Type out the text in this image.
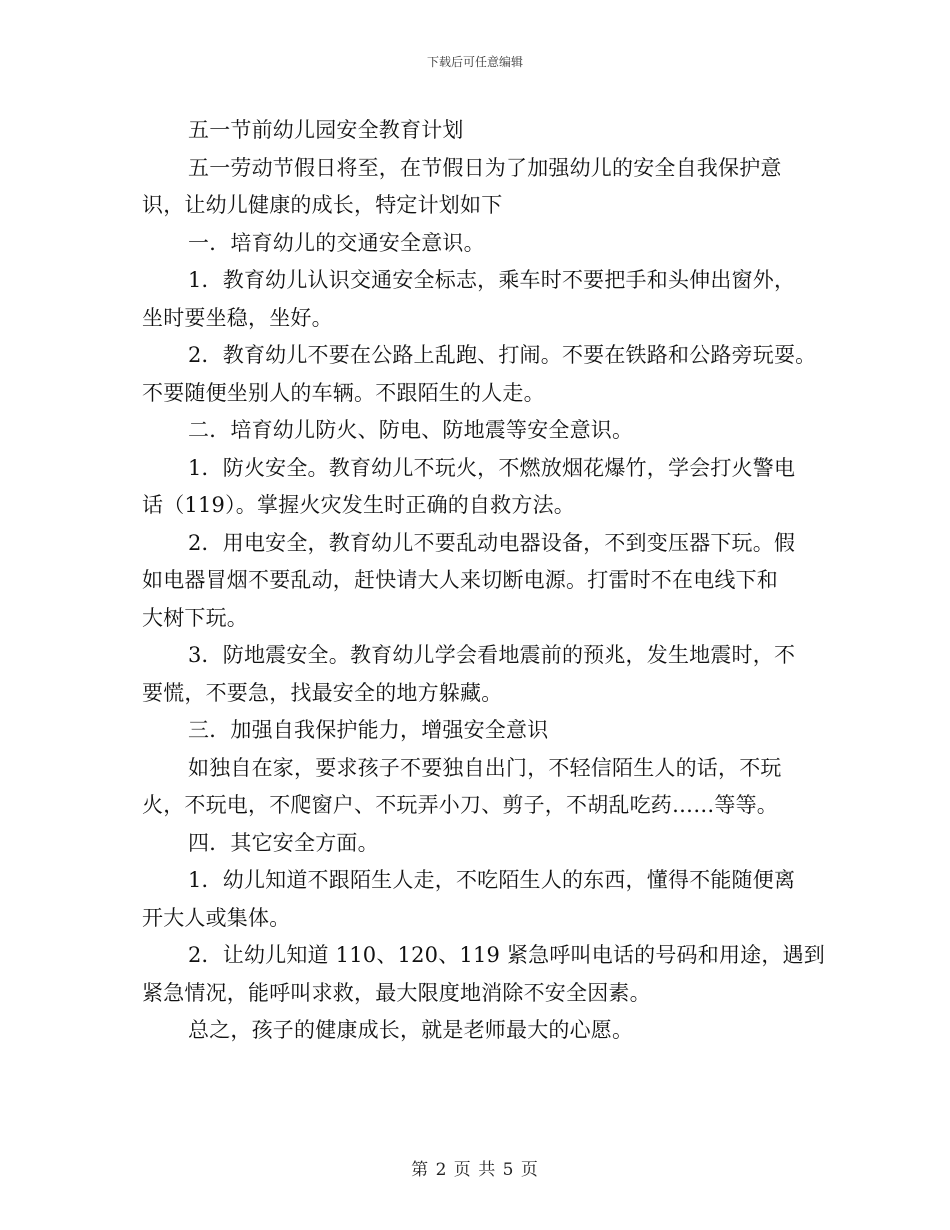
下载后可任意编辑
五一节前幼儿园安全教育计划
五一劳动节假日将至，在节假日为了加强幼儿的安全自我保护意
识，让幼儿健康的成长，特定计划如下
一．培育幼儿的交通安全意识。
1．教育幼儿认识交通安全标志，乘车时不要把手和头伸出窗外，
坐时要坐稳，坐好。
2．教育幼儿不要在公路上乱跑、打闹。不要在铁路和公路旁玩耍。
不要随便坐别人的车辆。不跟陌生的人走。
二．培育幼儿防火、防电、防地震等安全意识。
1．防火安全。教育幼儿不玩火，不燃放烟花爆竹，学会打火警电
话（119）。掌握火灾发生时正确的自救方法。
2．用电安全，教育幼儿不要乱动电器设备，不到变压器下玩。假
如电器冒烟不要乱动，赶快请大人来切断电源。打雷时不在电线下和
大树下玩。
3．防地震安全。教育幼儿学会看地震前的预兆，发生地震时，不
要慌，不要急，找最安全的地方躲藏。
三．加强自我保护能力，增强安全意识
如独自在家，要求孩子不要独自出门，不轻信陌生人的话，不玩
火，不玩电，不爬窗户、不玩弄小刀、剪子，不胡乱吃药……等等。
四．其它安全方面。
1．幼儿知道不跟陌生人走，不吃陌生人的东西，懂得不能随便离
开大人或集体。
2．让幼儿知道 110、120、119 紧急呼叫电话的号码和用途，遇到
紧急情况，能呼叫求救，最大限度地消除不安全因素。
总之，孩子的健康成长，就是老师最大的心愿。
第 2 页 共 5 页
